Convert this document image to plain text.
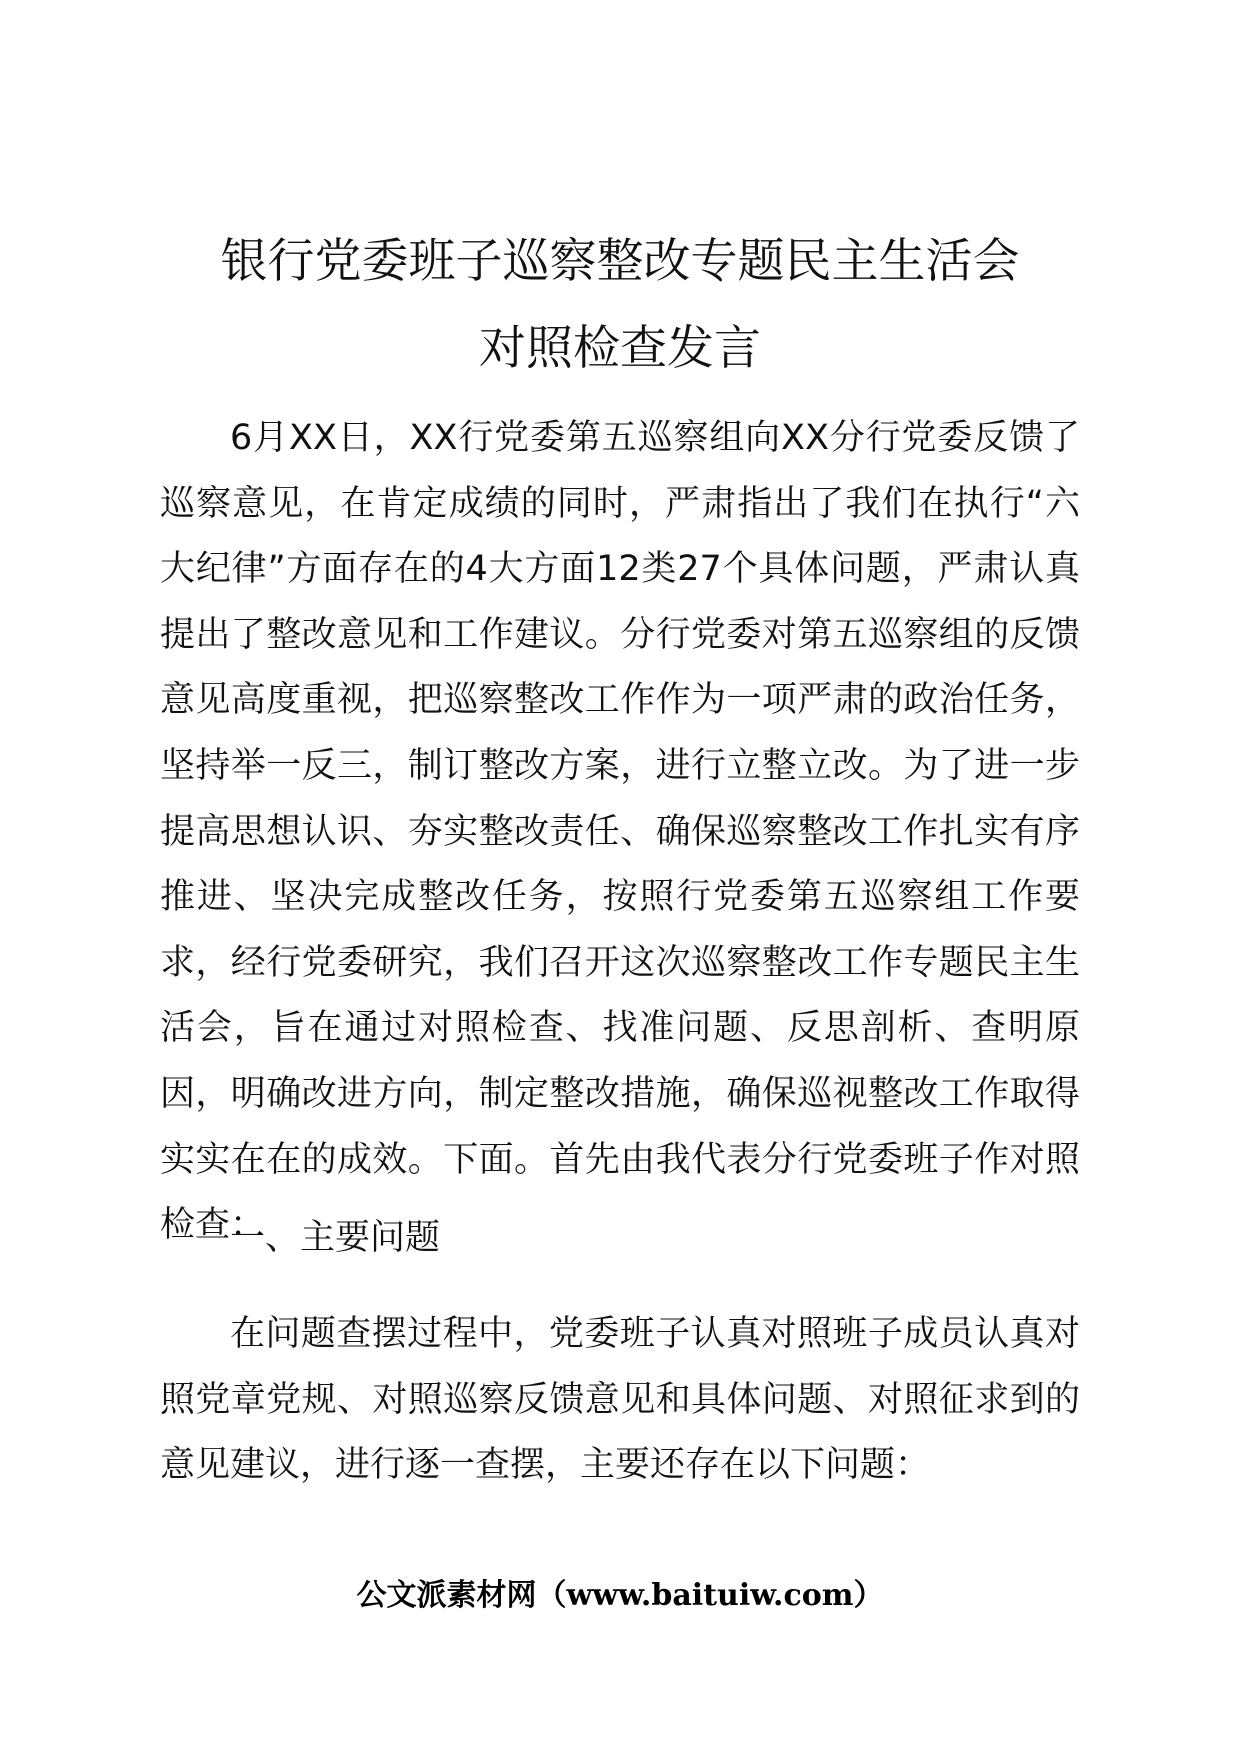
银行党委班子巡察整改专题民主生活会
对照检查发言

6月XX日，XX行党委第五巡察组向XX分行党委反馈了巡察意见，在肯定成绩的同时，严肃指出了我们在执行“六大纪律”方面存在的4大方面12类27个具体问题，严肃认真提出了整改意见和工作建议。分行党委对第五巡察组的反馈意见高度重视，把巡察整改工作作为一项严肃的政治任务，坚持举一反三，制订整改方案，进行立整立改。为了进一步提高思想认识、夯实整改责任、确保巡察整改工作扎实有序推进、坚决完成整改任务，按照行党委第五巡察组工作要求，经行党委研究，我们召开这次巡察整改工作专题民主生活会，旨在通过对照检查、找准问题、反思剖析、查明原因，明确改进方向，制定整改措施，确保巡视整改工作取得实实在在的成效。下面。首先由我代表分行党委班子作对照检查：

一、主要问题

在问题查摆过程中，党委班子认真对照班子成员认真对照党章党规、对照巡察反馈意见和具体问题、对照征求到的意见建议，进行逐一查摆，主要还存在以下问题：

公文派素材网（www.baituiw.com）
